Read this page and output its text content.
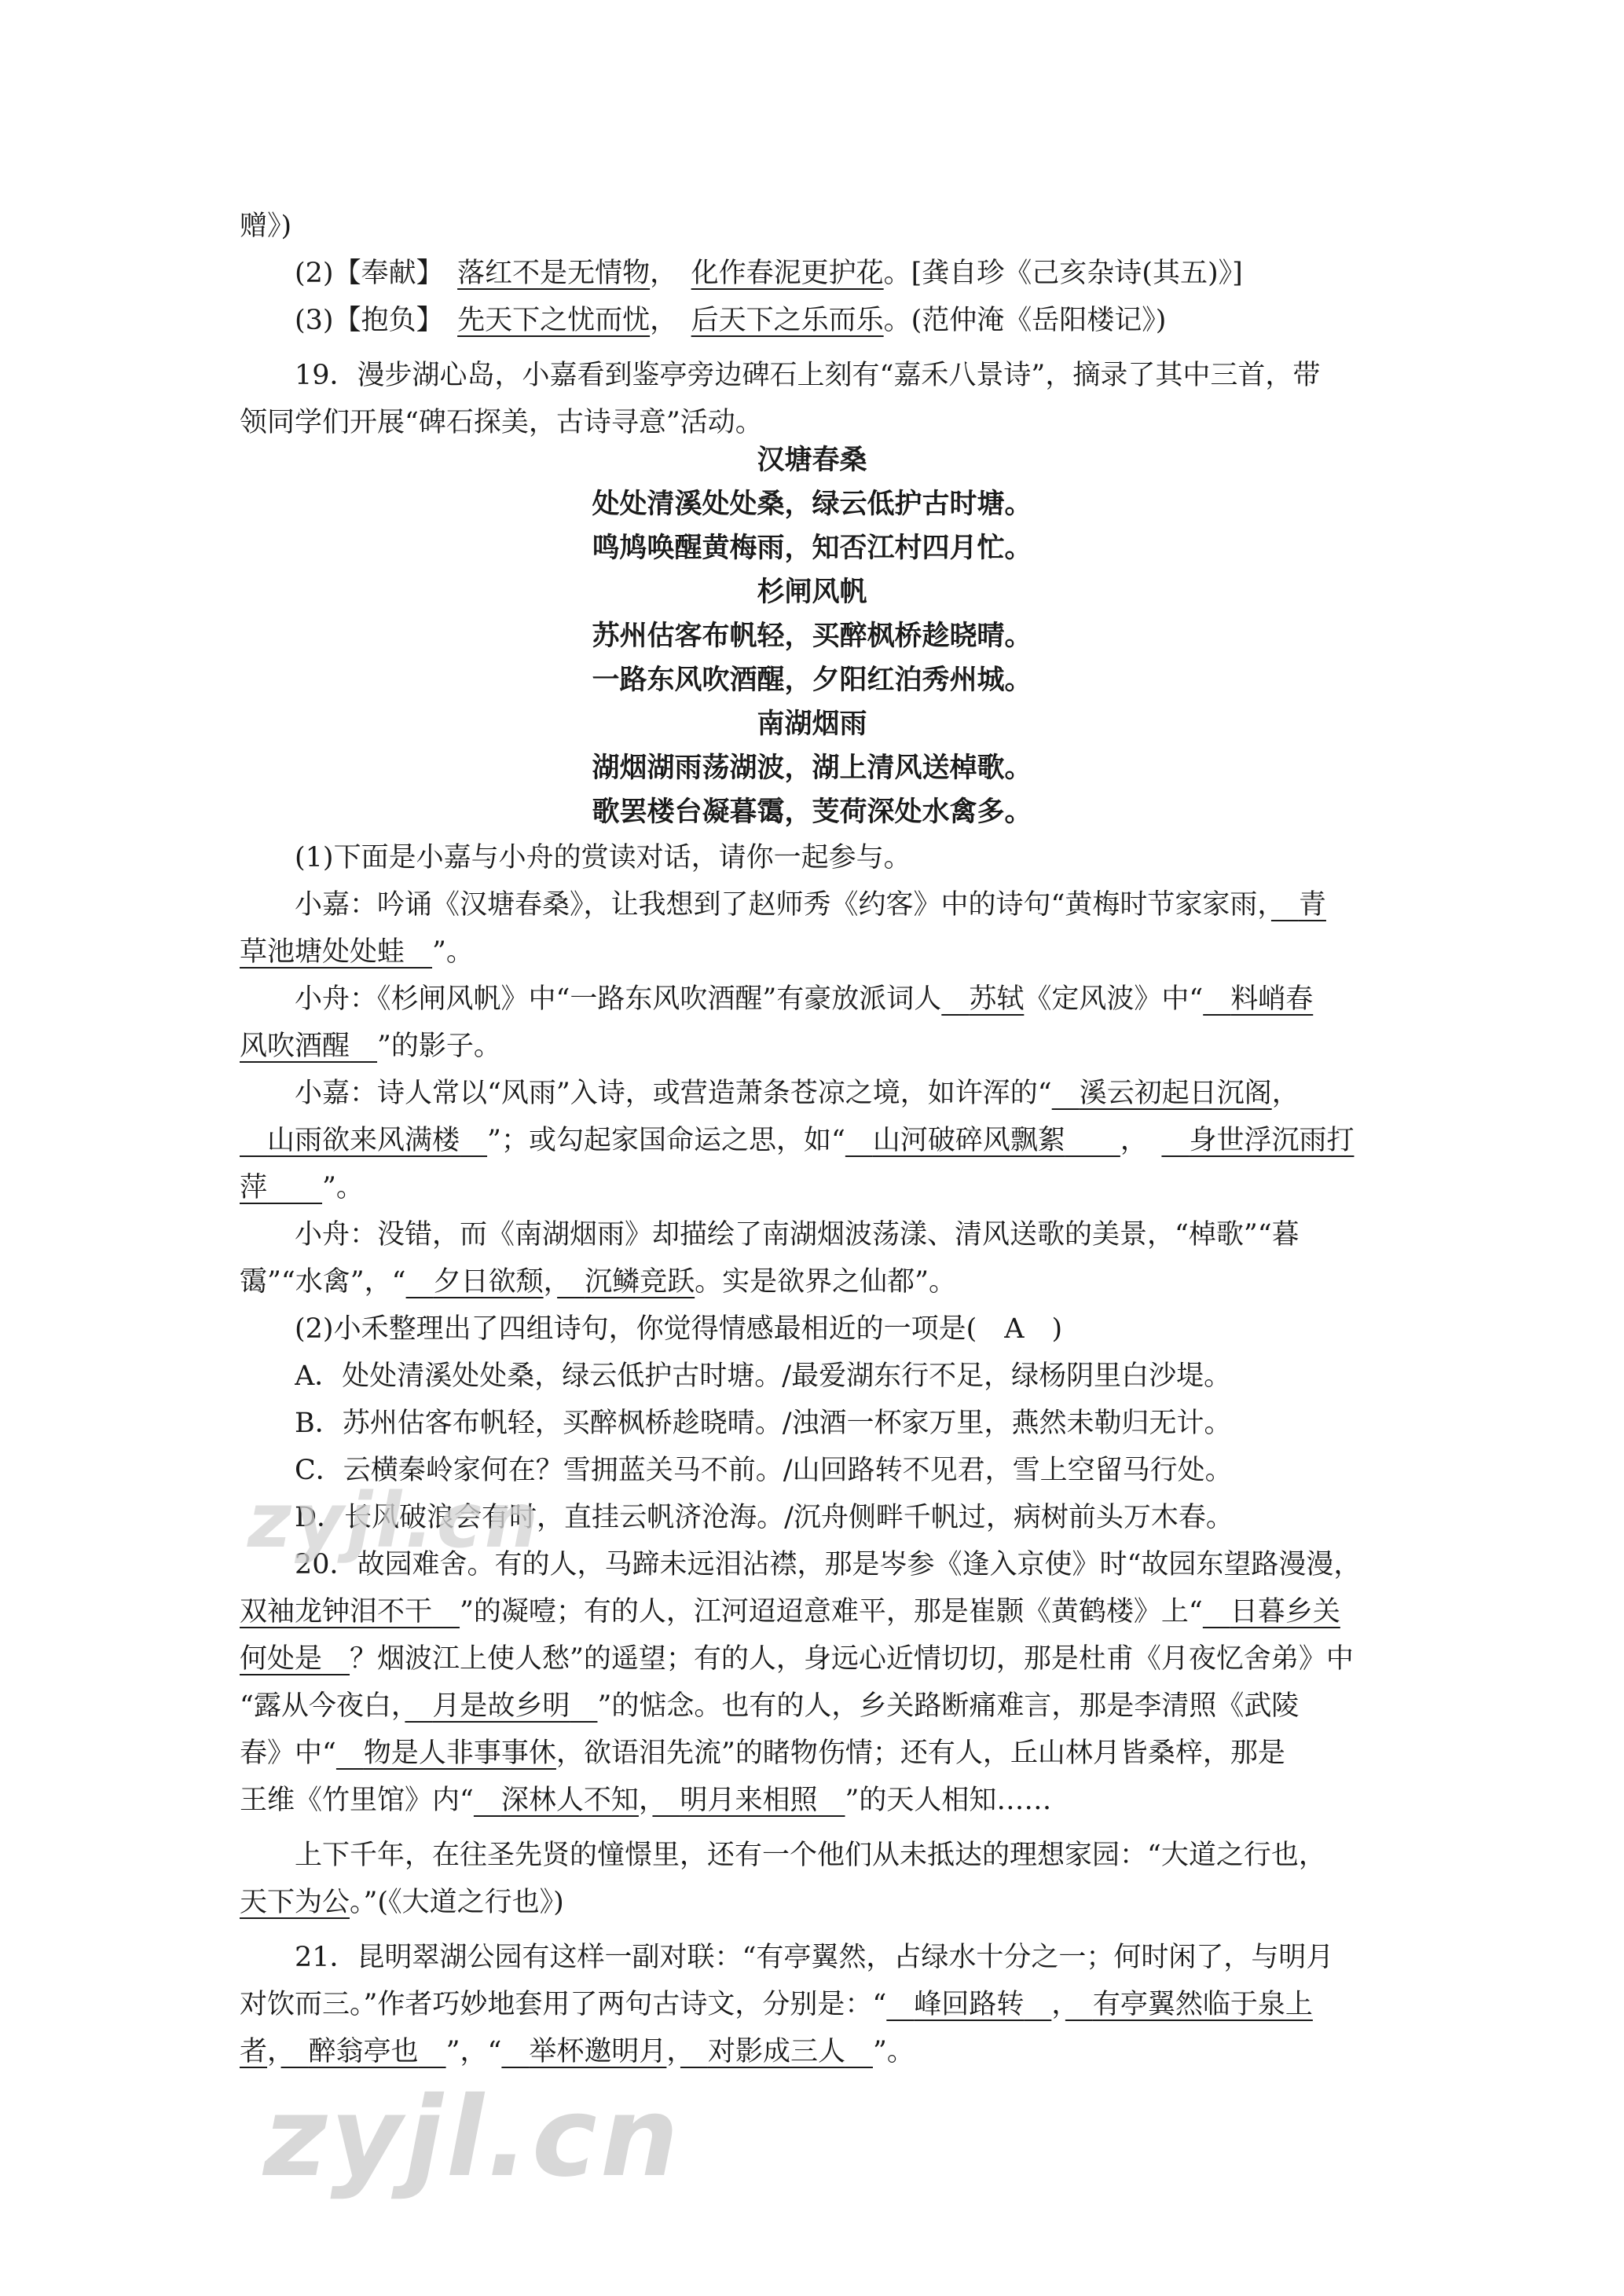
赠》)
(2)【奉献】　 落红不是无情物，　 化作春泥更护花。[龚自珍《己亥杂诗(其五)》]
(3)【抱负】　 先天下之忧而忧，　 后天下之乐而乐。(范仲淹《岳阳楼记》)
19．漫步湖心岛，小嘉看到鉴亭旁边碑石上刻有“嘉禾八景诗”，摘录了其中三首，带
领同学们开展“碑石探美，古诗寻意”活动。
汉塘春桑
处处清溪处处桑，绿云低护古时塘。
鸣鸠唤醒黄梅雨，知否江村四月忙。
杉闸风帆
苏州估客布帆轻，买醉枫桥趁晓晴。
一路东风吹酒醒，夕阳红泊秀州城。
南湖烟雨
湖烟湖雨荡湖波，湖上清风送棹歌。
歌罢楼台凝暮霭，芰荷深处水禽多。
(1)下面是小嘉与小舟的赏读对话，请你一起参与。
小嘉：吟诵《汉塘春桑》，让我想到了赵师秀《约客》中的诗句“黄梅时节家家雨，　 青
草池塘处处蛙　 ”。
小舟：《杉闸风帆》中“一路东风吹酒醒”有豪放派词人　 苏轼《定风波》中“　 料峭春
风吹酒醒　 ”的影子。
小嘉：诗人常以“风雨”入诗，或营造萧条苍凉之境，如许浑的“　 溪云初起日沉阁，
　山雨欲来风满楼　 ”；或勾起家国命运之思，如“　 山河破碎风飘絮　　 ，　　 身世浮沉雨打
萍　　 ”。
小舟：没错，而《南湖烟雨》却描绘了南湖烟波荡漾、清风送歌的美景，“棹歌”“暮
霭”“水禽”，“　 夕日欲颓，　 沉鳞竞跃。实是欲界之仙都”。
(2)小禾整理出了四组诗句，你觉得情感最相近的一项是(　A　)
A．处处清溪处处桑，绿云低护古时塘。/最爱湖东行不足，绿杨阴里白沙堤。
B．苏州估客布帆轻，买醉枫桥趁晓晴。/浊酒一杯家万里，燕然未勒归无计。
C．云横秦岭家何在？雪拥蓝关马不前。/山回路转不见君，雪上空留马行处。
D．长风破浪会有时，直挂云帆济沧海。/沉舟侧畔千帆过，病树前头万木春。
20．故园难舍。有的人，马蹄未远泪沾襟，那是岑参《逢入京使》时“故园东望路漫漫，
双袖龙钟泪不干　 ”的凝噎；有的人，江河迢迢意难平，那是崔颢《黄鹤楼》上“　 日暮乡关
何处是　 ？烟波江上使人愁”的遥望；有的人，身远心近情切切，那是杜甫《月夜忆舍弟》中
“露从今夜白，　 月是故乡明　 ”的惦念。也有的人，乡关路断痛难言，那是李清照《武陵
春》中“　 物是人非事事休，欲语泪先流”的睹物伤情；还有人，丘山林月皆桑梓，那是
王维《竹里馆》内“　 深林人不知，　 明月来相照　 ”的天人相知……
上下千年，在往圣先贤的憧憬里，还有一个他们从未抵达的理想家园：“大道之行也，
天下为公。”(《大道之行也》)
21．昆明翠湖公园有这样一副对联：“有亭翼然，占绿水十分之一；何时闲了，与明月
对饮而三。”作者巧妙地套用了两句古诗文，分别是：“　 峰回路转　 ，　 有亭翼然临于泉上
者，　 醉翁亭也　 ”，“　 举杯邀明月，　 对影成三人　 ”。
zyjl.cn
zyjl.cn
